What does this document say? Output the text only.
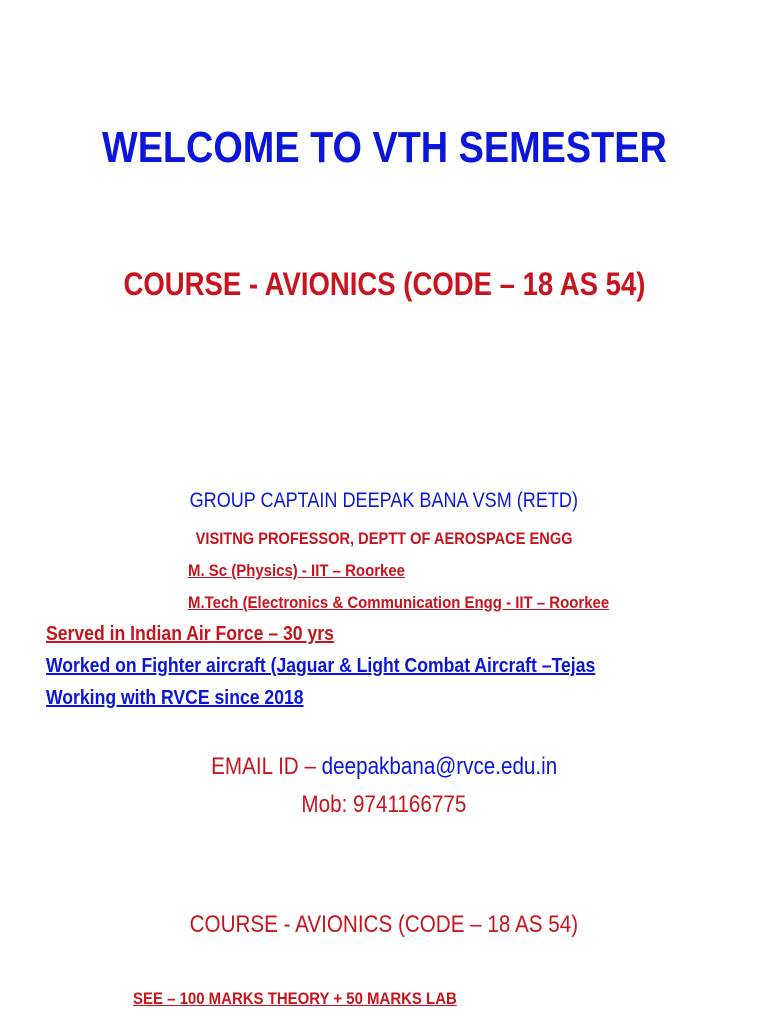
WELCOME TO VTH SEMESTER

COURSE - AVIONICS (CODE – 18 AS 54)

GROUP CAPTAIN DEEPAK BANA VSM (RETD)

VISITNG PROFESSOR, DEPTT OF AEROSPACE ENGG

M. Sc (Physics) - IIT – Roorkee

M.Tech (Electronics & Communication Engg - IIT – Roorkee

Served in Indian Air Force – 30 yrs

Worked on Fighter aircraft (Jaguar & Light Combat Aircraft –Tejas

Working with RVCE since 2018

EMAIL ID – deepakbana@rvce.edu.in

Mob: 9741166775

COURSE - AVIONICS (CODE – 18 AS 54)

SEE – 100 MARKS THEORY + 50 MARKS LAB
